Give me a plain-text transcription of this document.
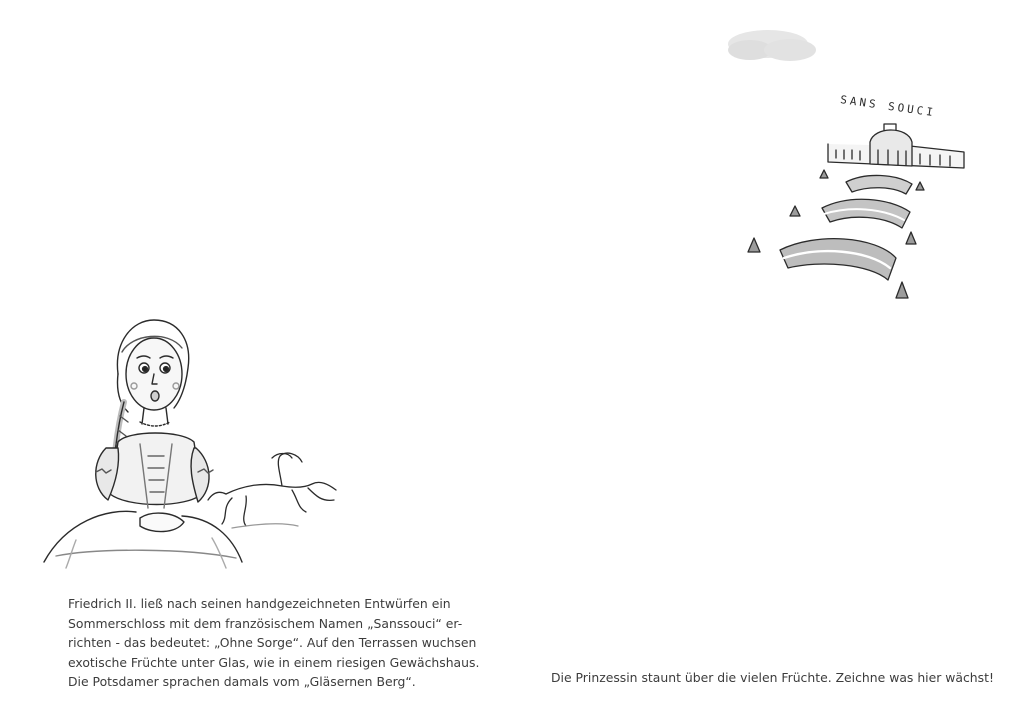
SANS SOUCI
Friedrich II. ließ nach seinen handgezeichneten Entwürfen ein
Sommerschloss mit dem französischem Namen „Sanssouci“ er-
richten - das bedeutet: „Ohne Sorge“. Auf den Terrassen wuchsen
exotische Früchte unter Glas, wie in einem riesigen Gewächshaus.
Die Potsdamer sprachen damals vom „Gläsernen Berg“.	Die Prinzessin staunt über die vielen Früchte. Zeichne was hier wächst!
